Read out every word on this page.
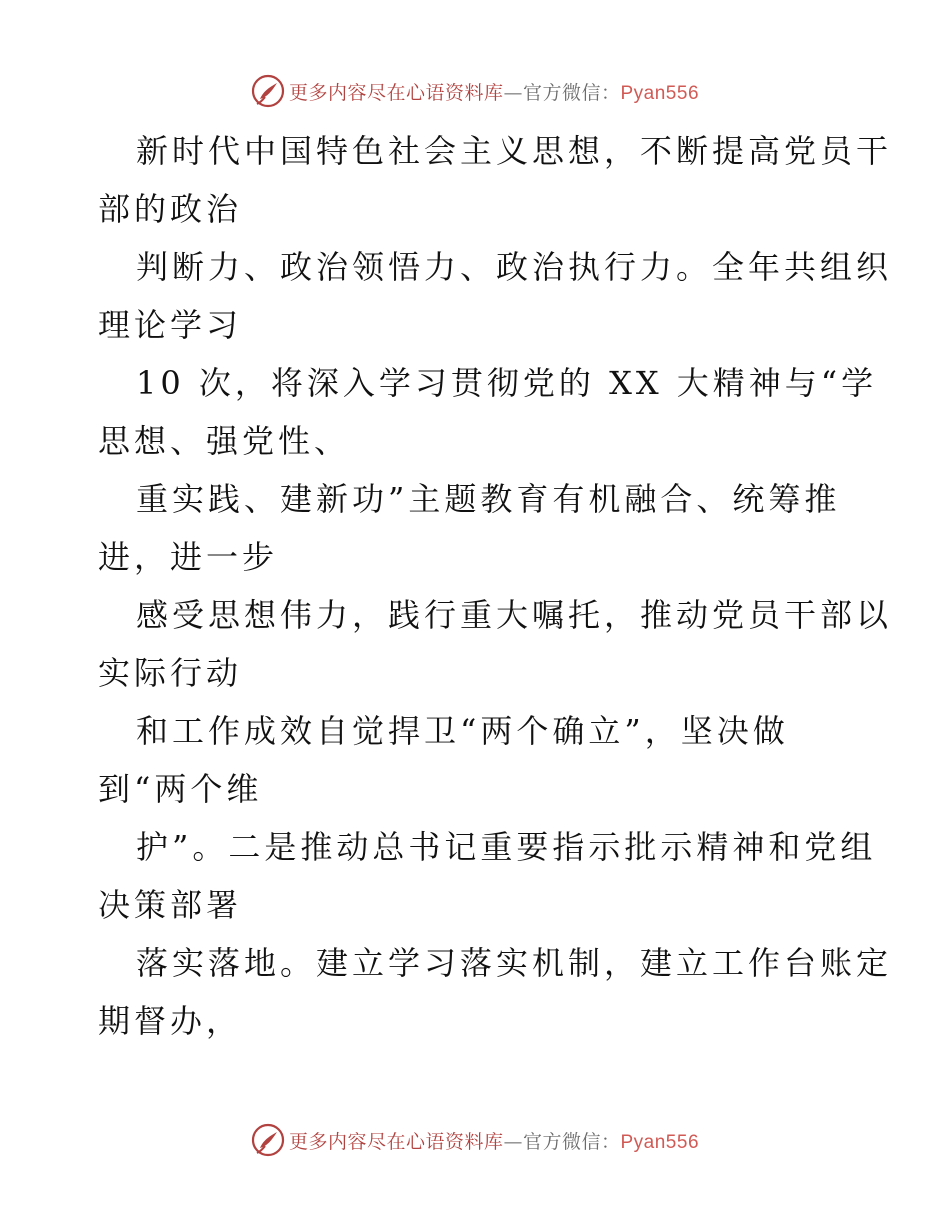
更多内容尽在心语资料库—官方微信：Pyan556
新时代中国特色社会主义思想，不断提高党员干
部的政治
判断力、政治领悟力、政治执行力。全年共组织
理论学习
10 次，将深入学习贯彻党的 XX 大精神与“学
思想、强党性、
重实践、建新功”主题教育有机融合、统筹推
进，进一步
感受思想伟力，践行重大嘱托，推动党员干部以
实际行动
和工作成效自觉捍卫“两个确立”，坚决做
到“两个维
护”。二是推动总书记重要指示批示精神和党组
决策部署
落实落地。建立学习落实机制，建立工作台账定
期督办，
更多内容尽在心语资料库—官方微信：Pyan556
